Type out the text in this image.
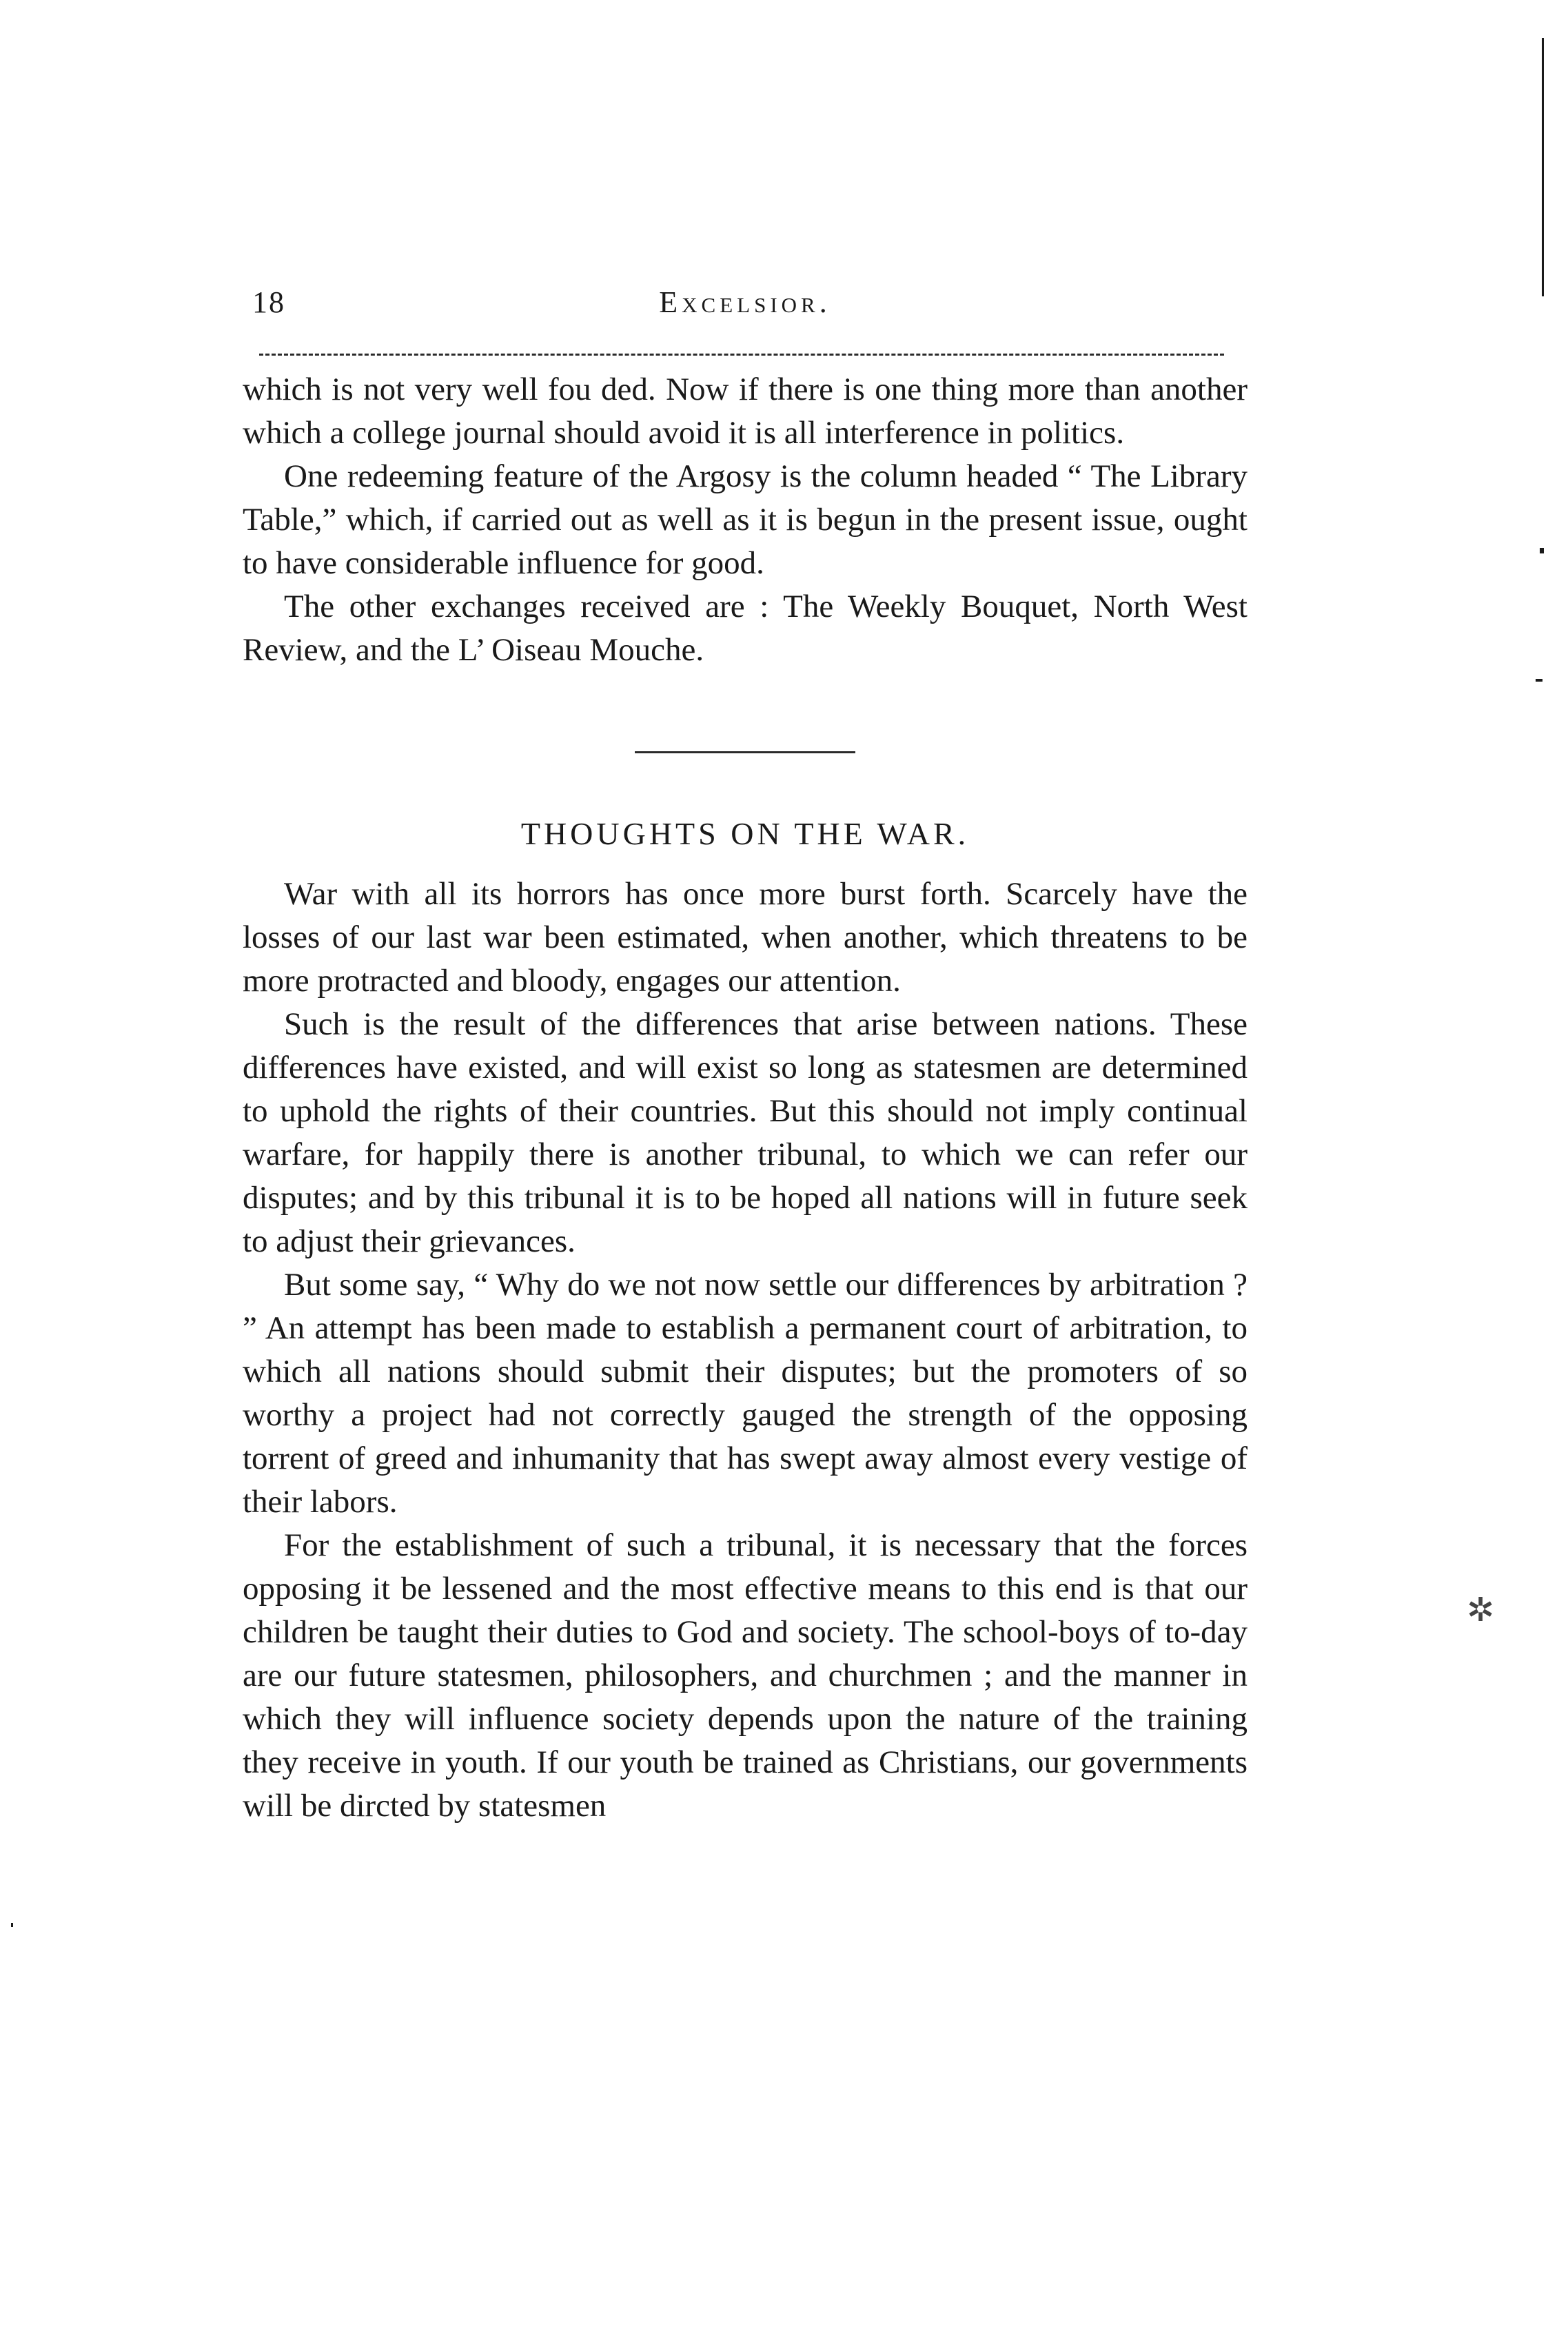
✲
18	Excelsior.

which is not very well fou ded. Now if there is one thing more than another which a college journal should avoid it is all interference in politics.

One redeeming feature of the Argosy is the column headed “ The Library Table,” which, if carried out as well as it is begun in the present issue, ought to have considerable influence for good.

The other exchanges received are : The Weekly Bouquet, North West Review, and the L’ Oiseau Mouche.

THOUGHTS ON THE WAR.

War with all its horrors has once more burst forth. Scarcely have the losses of our last war been estimated, when another, which threatens to be more protracted and bloody, engages our attention.

Such is the result of the differences that arise between nations. These differences have existed, and will exist so long as statesmen are determined to uphold the rights of their countries. But this should not imply continual warfare, for happily there is another tribunal, to which we can refer our disputes; and by this tribunal it is to be hoped all nations will in future seek to adjust their grievances.

But some say, “ Why do we not now settle our differences by arbitration ? ” An attempt has been made to establish a permanent court of arbitration, to which all nations should submit their disputes; but the promoters of so worthy a project had not correctly gauged the strength of the opposing torrent of greed and inhumanity that has swept away almost every vestige of their labors.

For the establishment of such a tribunal, it is necessary that the forces opposing it be lessened and the most effective means to this end is that our children be taught their duties to God and society. The school-boys of to-day are our future statesmen, philosophers, and churchmen ; and the manner in which they will influence society depends upon the nature of the training they receive in youth. If our youth be trained as Christians, our governments will be dircted by statesmen
